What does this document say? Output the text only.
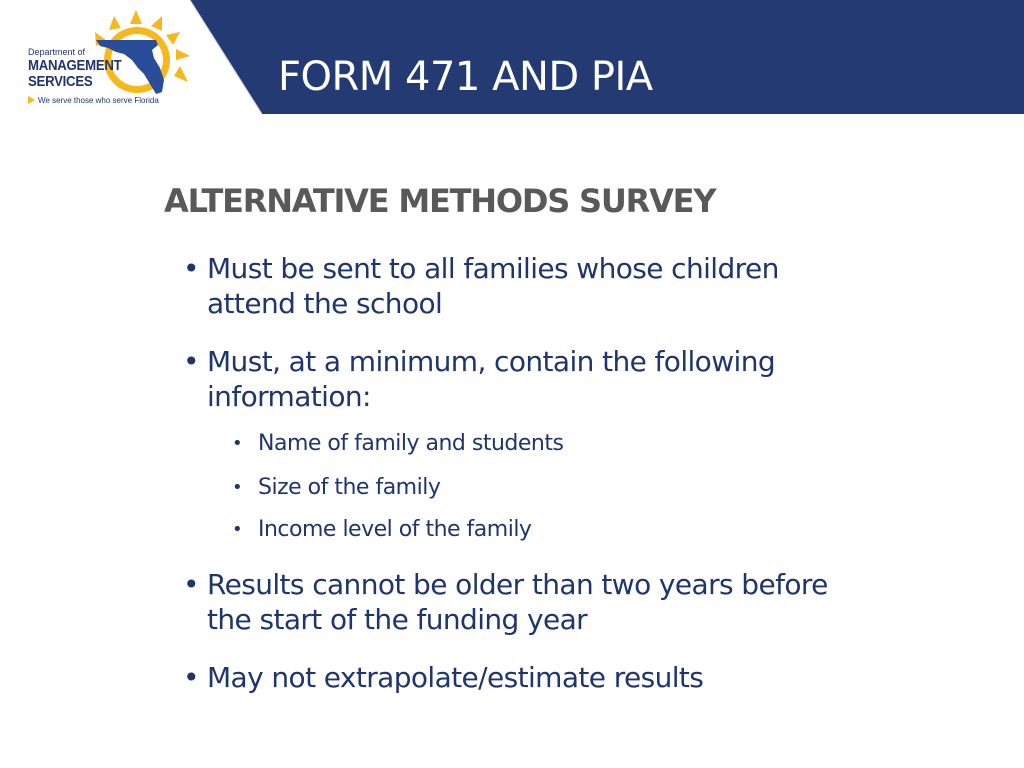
Department of

MANAGEMENT

SERVICES

We serve those who serve Florida

FORM 471 AND PIA
ALTERNATIVE METHODS SURVEY
• Must be sent to all families whose children
attend the school
• Must, at a minimum, contain the following
information:
• Name of family and students
• Size of the family
• Income level of the family
• Results cannot be older than two years before
the start of the funding year
• May not extrapolate/estimate results
